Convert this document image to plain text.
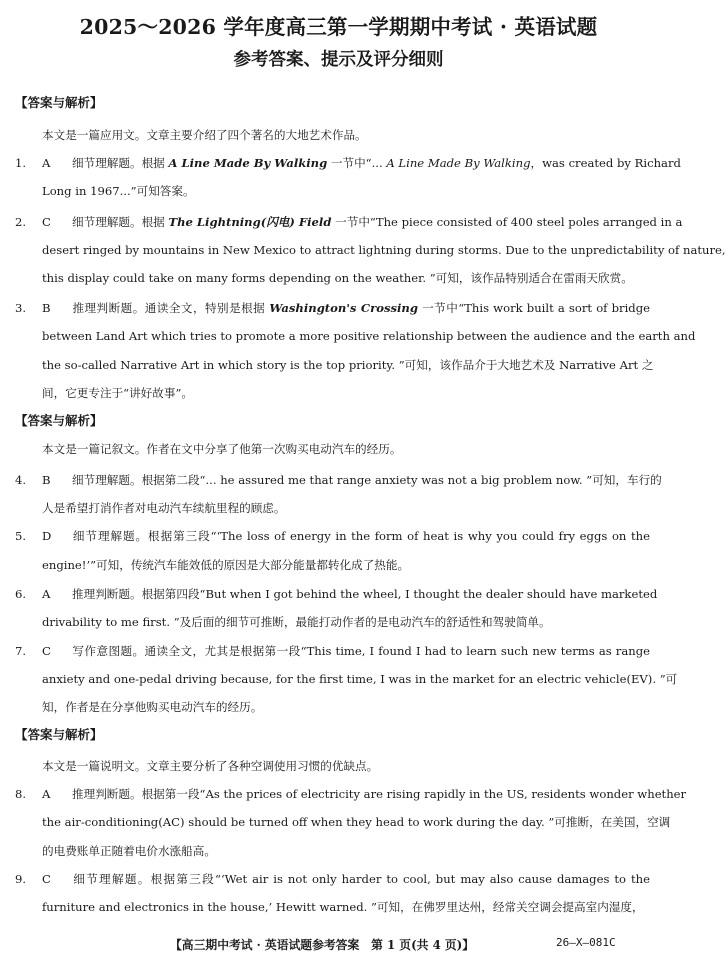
2025～2026 学年度高三第一学期期中考试 · 英语试题
参考答案、提示及评分细则
【答案与解析】
本文是一篇应用文。文章主要介绍了四个著名的大地艺术作品。
1. A 细节理解题。根据 A Line Made By Walking 一节中“... A Line Made By Walking，was created by Richard
Long in 1967...”可知答案。
2. C 细节理解题。根据 The Lightning(闪电) Field 一节中“The piece consisted of 400 steel poles arranged in a
desert ringed by mountains in New Mexico to attract lightning during storms. Due to the unpredictability of nature,
this display could take on many forms depending on the weather. ”可知，该作品特别适合在雷雨天欣赏。
3. B 推理判断题。通读全文，特别是根据 Washington's Crossing 一节中“This work built a sort of bridge
between Land Art which tries to promote a more positive relationship between the audience and the earth and
the so-called Narrative Art in which story is the top priority. ”可知，该作品介于大地艺术及 Narrative Art 之
间，它更专注于“讲好故事”。
【答案与解析】
本文是一篇记叙文。作者在文中分享了他第一次购买电动汽车的经历。
4. B 细节理解题。根据第二段“... he assured me that range anxiety was not a big problem now. ”可知，车行的
人是希望打消作者对电动汽车续航里程的顾虑。
5. D 细节理解题。根据第三段“‘The loss of energy in the form of heat is why you could fry eggs on the
engine!’”可知，传统汽车能效低的原因是大部分能量都转化成了热能。
6. A 推理判断题。根据第四段“But when I got behind the wheel, I thought the dealer should have marketed
drivability to me first. ”及后面的细节可推断，最能打动作者的是电动汽车的舒适性和驾驶简单。
7. C 写作意图题。通读全文，尤其是根据第一段“This time, I found I had to learn such new terms as range
anxiety and one-pedal driving because, for the first time, I was in the market for an electric vehicle(EV). ”可
知，作者是在分享他购买电动汽车的经历。
【答案与解析】
本文是一篇说明文。文章主要分析了各种空调使用习惯的优缺点。
8. A 推理判断题。根据第一段“As the prices of electricity are rising rapidly in the US, residents wonder whether
the air-conditioning(AC) should be turned off when they head to work during the day. ”可推断，在美国，空调
的电费账单正随着电价水涨船高。
9. C 细节理解题。根据第三段“‘Wet air is not only harder to cool, but may also cause damages to the
furniture and electronics in the house,’ Hewitt warned. ”可知，在佛罗里达州，经常关空调会提高室内湿度，
【高三期中考试 · 英语试题参考答案　第 1 页(共 4 页)】	26—X—081C
